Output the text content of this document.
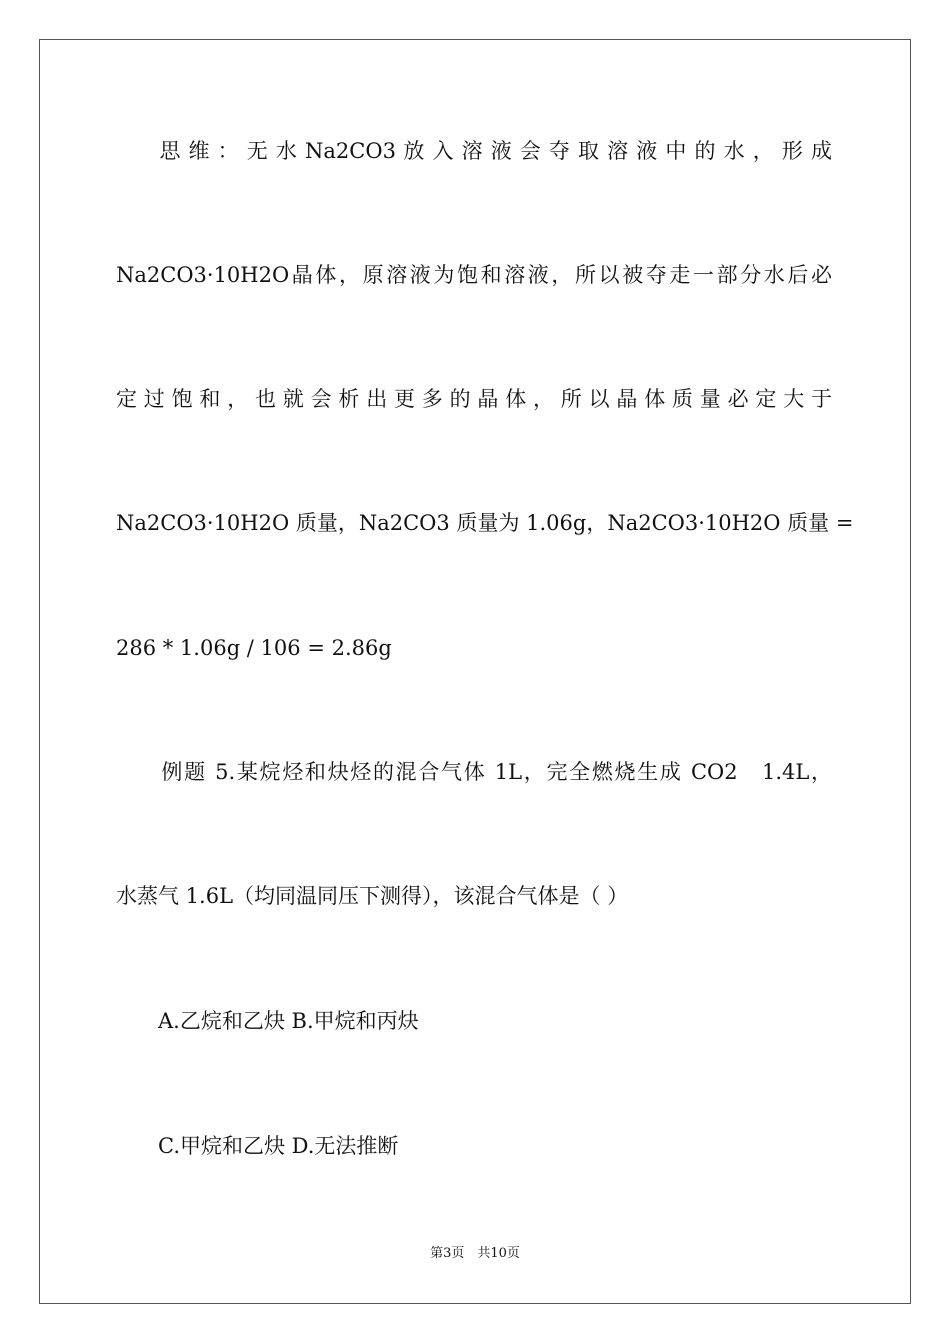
　　思 维 ： 无 水 Na2CO3 放 入 溶 液 会 夺 取 溶 液 中 的 水 ， 形 成
Na2CO3·10H2O晶体，原溶液为饱和溶液，所以被夺走一部分水后必
定 过 饱 和 ， 也 就 会 析 出 更 多 的 晶 体 ， 所 以 晶 体 质 量 必 定 大 于
Na2CO3·10H2O 质量，Na2CO3 质量为 1.06g，Na2CO3·10H2O 质量 =
286 * 1.06g / 106 = 2.86g
　　例题 5.某烷烃和炔烃的混合气体 1L，完全燃烧生成 CO2　1.4L，
水蒸气 1.6L（均同温同压下测得），该混合气体是（ ）
　　A.乙烷和乙炔 B.甲烷和丙炔
　　C.甲烷和乙炔 D.无法推断
第3页　共10页
